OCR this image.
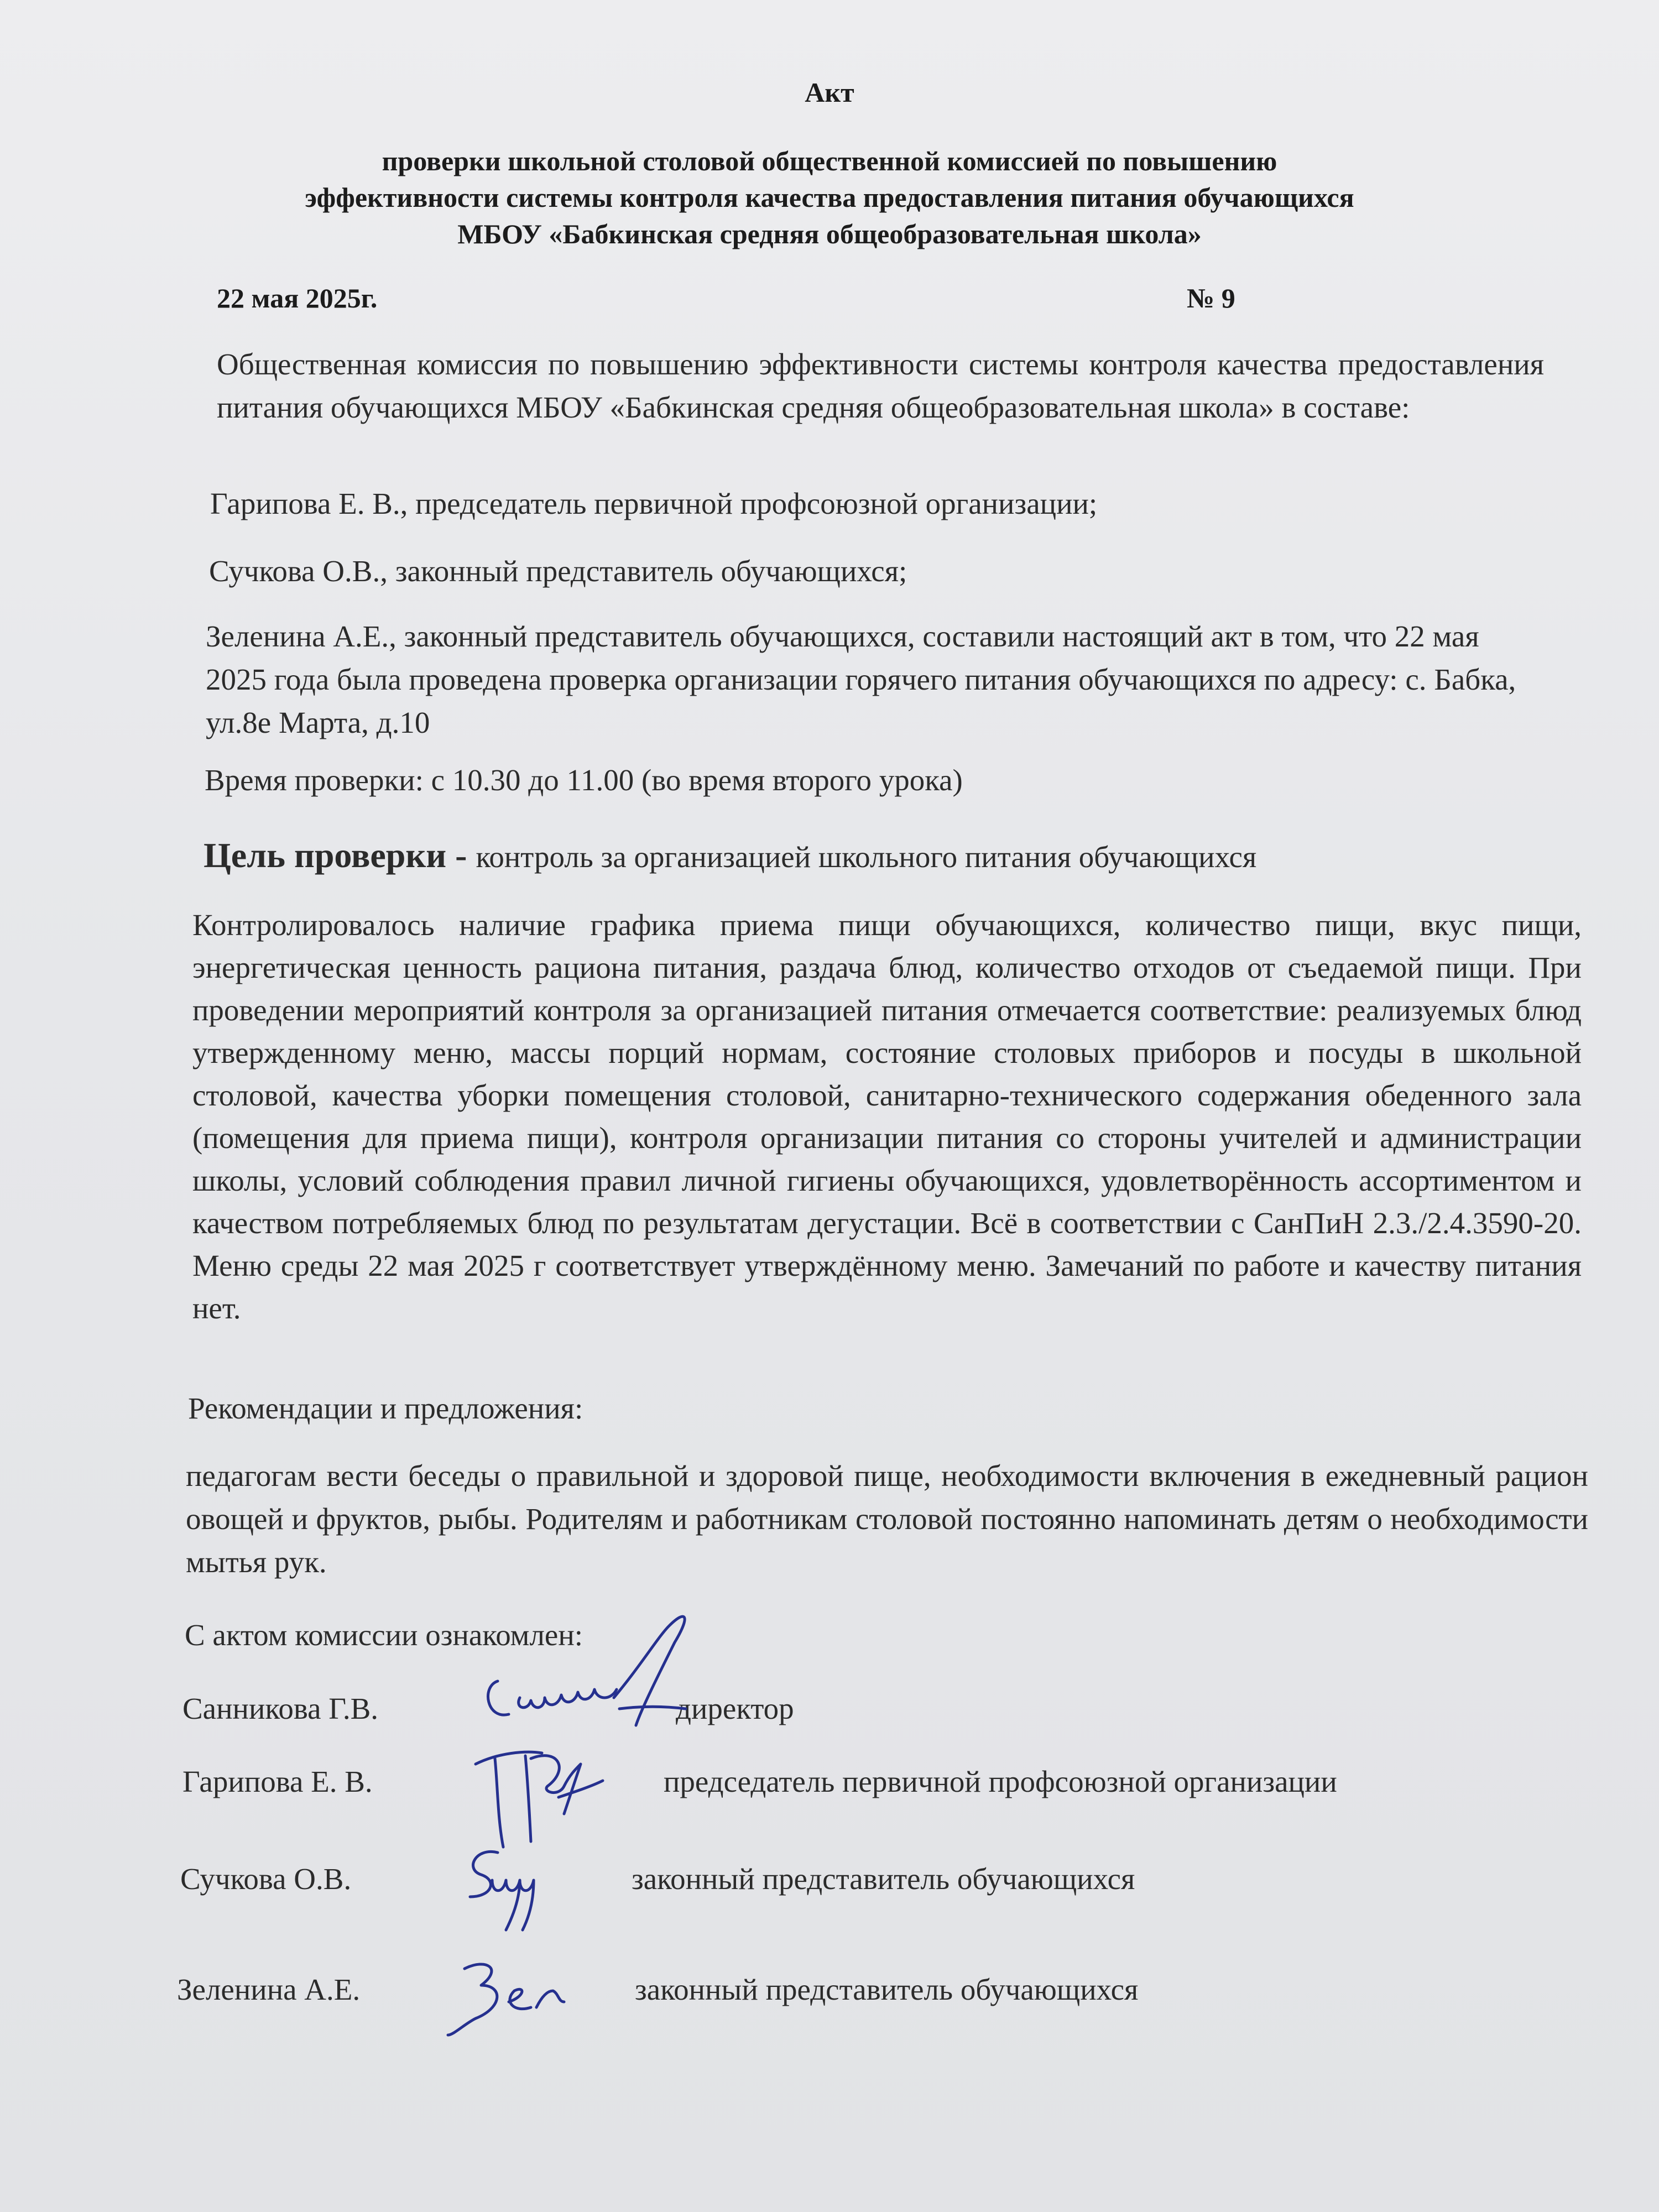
Акт
проверки школьной столовой общественной комиссией по повышению
эффективности системы контроля качества предоставления питания обучающихся
МБОУ «Бабкинская средняя общеобразовательная школа»
22 мая 2025г.	№ 9

Общественная комиссия по повышению эффективности системы контроля качества предоставления питания обучающихся МБОУ «Бабкинская средняя общеобразовательная школа» в составе:

Гарипова Е. В., председатель первичной профсоюзной организации;

Сучкова О.В., законный представитель обучающихся;

Зеленина А.Е., законный представитель обучающихся, составили настоящий акт в том, что 22 мая 2025 года была проведена проверка организации горячего питания обучающихся по адресу: с. Бабка, ул.8е Марта, д.10

Время проверки: с 10.30 до 11.00 (во время второго урока)

Цель проверки - контроль за организацией школьного питания обучающихся

Контролировалось наличие графика приема пищи обучающихся, количество пищи, вкус пищи, энергетическая ценность рациона питания, раздача блюд, количество отходов от съедаемой пищи. При проведении мероприятий контроля за организацией питания отмечается соответствие: реализуемых блюд утвержденному меню, массы порций нормам, состояние столовых приборов и посуды в школьной столовой, качества уборки помещения столовой, санитарно-технического содержания обеденного зала (помещения для приема пищи), контроля организации питания со стороны учителей и администрации школы, условий соблюдения правил личной гигиены обучающихся, удовлетворённость ассортиментом и качеством потребляемых блюд по результатам дегустации. Всё в соответствии с СанПиН 2.3./2.4.3590-20. Меню среды 22 мая 2025 г соответствует утверждённому меню. Замечаний по работе и качеству питания нет.

Рекомендации и предложения:

педагогам вести беседы о правильной и здоровой пище, необходимости включения в ежедневный рацион овощей и фруктов, рыбы. Родителям и работникам столовой постоянно напоминать детям о необходимости мытья рук.

С актом комиссии ознакомлен:

Санникова Г.В.	директор
Гарипова Е. В.	председатель первичной профсоюзной организации
Сучкова О.В.	законный представитель обучающихся
Зеленина А.Е.	законный представитель обучающихся
